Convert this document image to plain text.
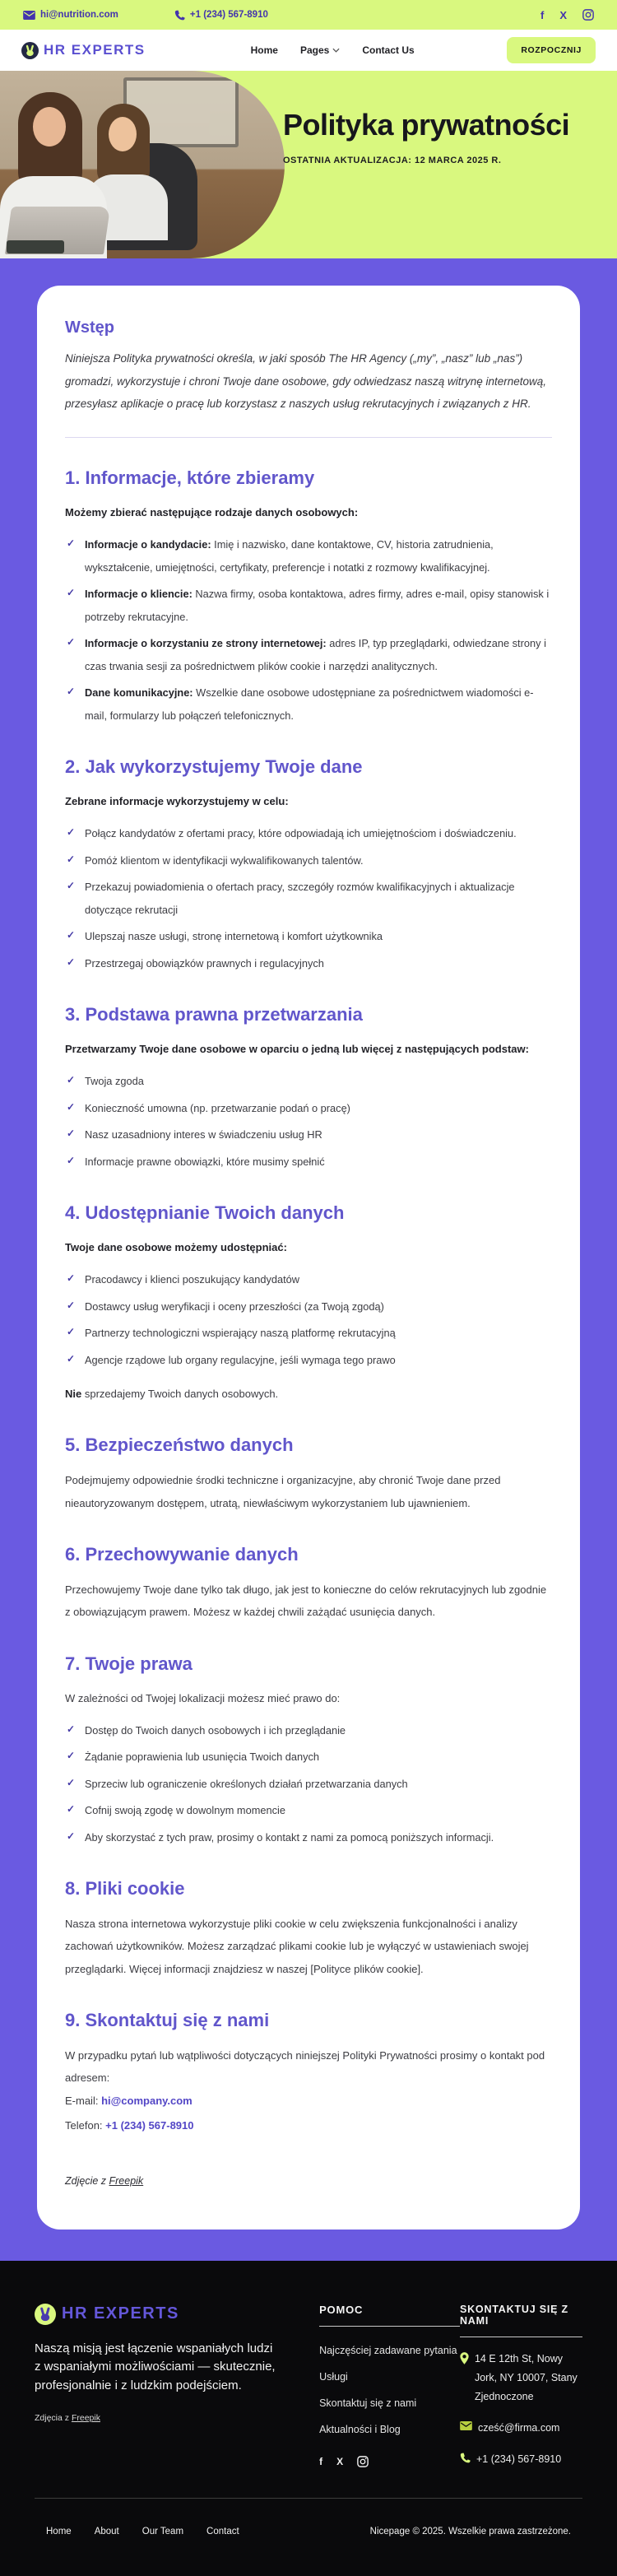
hi@nutrition.com	+1 (234) 567-8910	f X
HR EXPERTS	Home Pages	Contact Us	ROZPOCZNIJ
Polityka prywatności
OSTATNIA AKTUALIZACJA: 12 MARCA 2025 R.
Wstęp

Niniejsza Polityka prywatności określa, w jaki sposób The HR Agency („my”, „nasz” lub „nas”) gromadzi, wykorzystuje i chroni Twoje dane osobowe, gdy odwiedzasz naszą witrynę internetową, przesyłasz aplikacje o pracę lub korzystasz z naszych usług rekrutacyjnych i związanych z HR.

1. Informacje, które zbieramy

Możemy zbierać następujące rodzaje danych osobowych:

✓ Informacje o kandydacie: Imię i nazwisko, dane kontaktowe, CV, historia zatrudnienia, wykształcenie, umiejętności, certyfikaty, preferencje i notatki z rozmowy kwalifikacyjnej.
✓ Informacje o kliencie: Nazwa firmy, osoba kontaktowa, adres firmy, adres e-mail, opisy stanowisk i potrzeby rekrutacyjne.
✓ Informacje o korzystaniu ze strony internetowej: adres IP, typ przeglądarki, odwiedzane strony i czas trwania sesji za pośrednictwem plików cookie i narzędzi analitycznych.
✓ Dane komunikacyjne: Wszelkie dane osobowe udostępniane za pośrednictwem wiadomości e-mail, formularzy lub połączeń telefonicznych.
2. Jak wykorzystujemy Twoje dane

Zebrane informacje wykorzystujemy w celu:

✓ Połącz kandydatów z ofertami pracy, które odpowiadają ich umiejętnościom i doświadczeniu.
✓ Pomóż klientom w identyfikacji wykwalifikowanych talentów.
✓ Przekazuj powiadomienia o ofertach pracy, szczegóły rozmów kwalifikacyjnych i aktualizacje dotyczące rekrutacji
✓ Ulepszaj nasze usługi, stronę internetową i komfort użytkownika
✓ Przestrzegaj obowiązków prawnych i regulacyjnych
3. Podstawa prawna przetwarzania

Przetwarzamy Twoje dane osobowe w oparciu o jedną lub więcej z następujących podstaw:

✓ Twoja zgoda
✓ Konieczność umowna (np. przetwarzanie podań o pracę)
✓ Nasz uzasadniony interes w świadczeniu usług HR
✓ Informacje prawne obowiązki, które musimy spełnić
4. Udostępnianie Twoich danych

Twoje dane osobowe możemy udostępniać:

✓ Pracodawcy i klienci poszukujący kandydatów
✓ Dostawcy usług weryfikacji i oceny przeszłości (za Twoją zgodą)
✓ Partnerzy technologiczni wspierający naszą platformę rekrutacyjną
✓ Agencje rządowe lub organy regulacyjne, jeśli wymaga tego prawo

Nie sprzedajemy Twoich danych osobowych.

5. Bezpieczeństwo danych

Podejmujemy odpowiednie środki techniczne i organizacyjne, aby chronić Twoje dane przed nieautoryzowanym dostępem, utratą, niewłaściwym wykorzystaniem lub ujawnieniem.

6. Przechowywanie danych

Przechowujemy Twoje dane tylko tak długo, jak jest to konieczne do celów rekrutacyjnych lub zgodnie z obowiązującym prawem. Możesz w każdej chwili zażądać usunięcia danych.

7. Twoje prawa

W zależności od Twojej lokalizacji możesz mieć prawo do:

✓ Dostęp do Twoich danych osobowych i ich przeglądanie
✓ Żądanie poprawienia lub usunięcia Twoich danych
✓ Sprzeciw lub ograniczenie określonych działań przetwarzania danych
✓ Cofnij swoją zgodę w dowolnym momencie
✓ Aby skorzystać z tych praw, prosimy o kontakt z nami za pomocą poniższych informacji.
8. Pliki cookie

Nasza strona internetowa wykorzystuje pliki cookie w celu zwiększenia funkcjonalności i analizy zachowań użytkowników. Możesz zarządzać plikami cookie lub je wyłączyć w ustawieniach swojej przeglądarki. Więcej informacji znajdziesz w naszej [Polityce plików cookie].

9. Skontaktuj się z nami

W przypadku pytań lub wątpliwości dotyczących niniejszej Polityki Prywatności prosimy o kontakt pod adresem:

E-mail: hi@company.com
Telefon: +1 (234) 567-8910

Zdjęcie z Freepik

HR EXPERTS

Naszą misją jest łączenie wspaniałych ludzi z wspaniałymi możliwościami — skutecznie, profesjonalnie i z ludzkim podejściem.

Zdjęcia z Freepik

POMOC
Najczęściej zadawane pytania
Usługi
Skontaktuj się z nami
Aktualności i Blog
f X
SKONTAKTUJ SIĘ Z NAMI
14 E 12th St, Nowy Jork, NY 10007, Stany Zjednoczone
cześć@firma.com
+1 (234) 567-8910
Home About Our Team Contact	Nicepage © 2025. Wszelkie prawa zastrzeżone.
